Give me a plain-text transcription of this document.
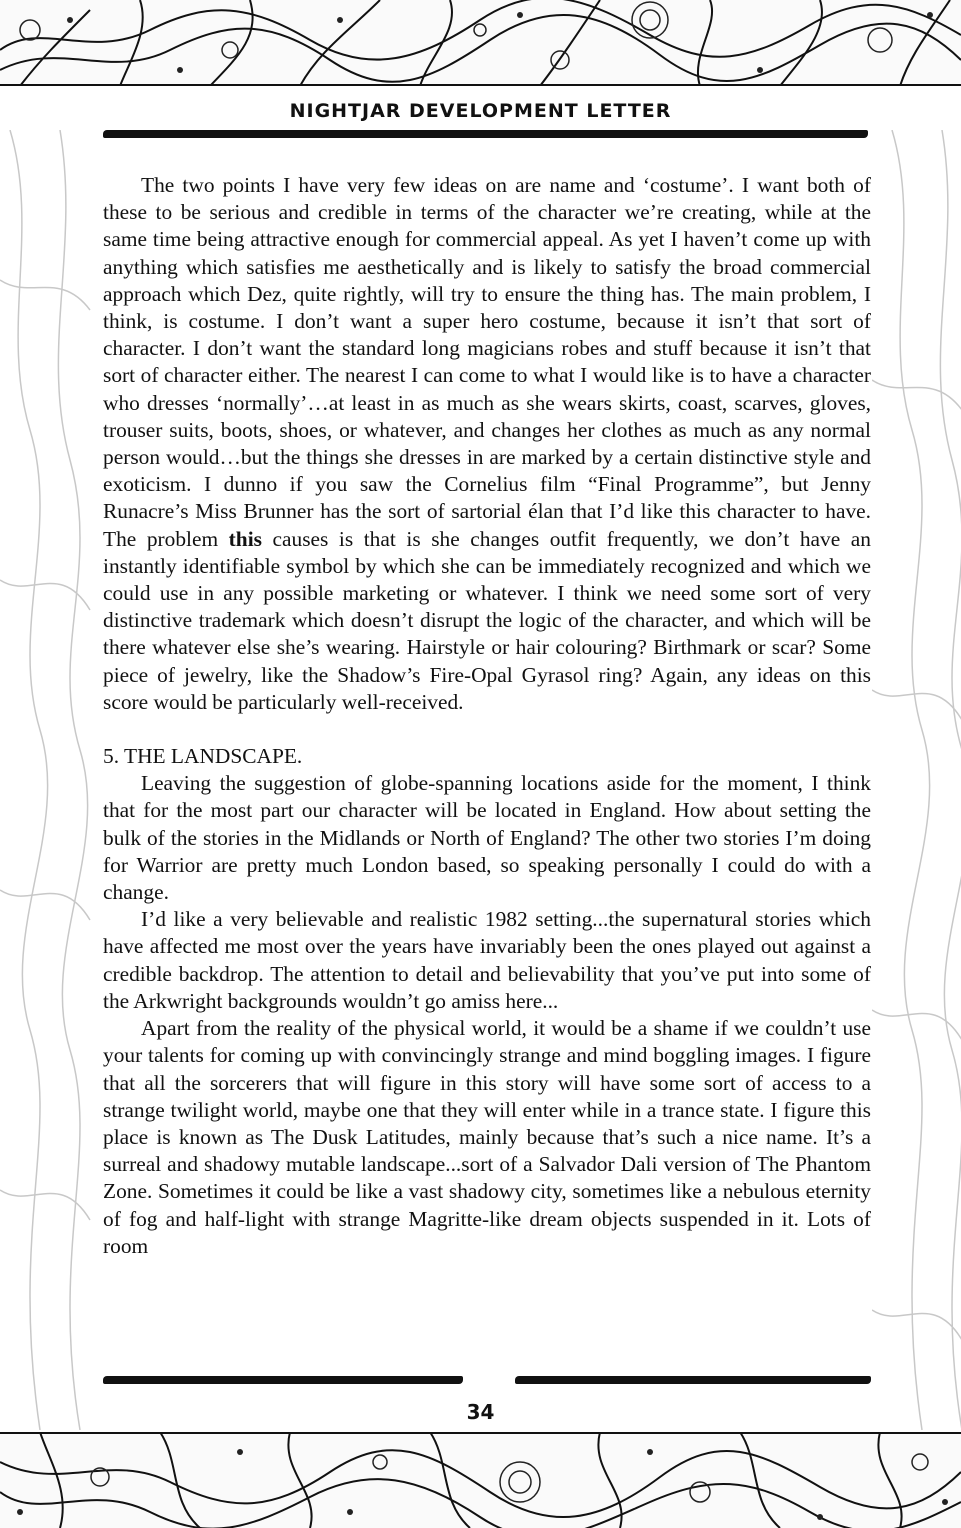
NIGHTJAR DEVELOPMENT LETTER

The two points I have very few ideas on are name and ‘costume’. I want both of these to be serious and credible in terms of the character we’re creating, while at the same time being attractive enough for commercial appeal. As yet I haven’t come up with anything which satisfies me aesthetically and is likely to satisfy the broad commercial approach which Dez, quite rightly, will try to ensure the thing has. The main problem, I think, is costume. I don’t want a super hero costume, because it isn’t that sort of character. I don’t want the standard long magicians robes and stuff because it isn’t that sort of character either. The nearest I can come to what I would like is to have a character who dresses ‘normally’…at least in as much as she wears skirts, coast, scarves, gloves, trouser suits, boots, shoes, or whatever, and changes her clothes as much as any normal person would…but the things she dresses in are marked by a certain distinctive style and exoticism. I dunno if you saw the Cornelius film “Final Programme”, but Jenny Runacre’s Miss Brunner has the sort of sartorial élan that I’d like this character to have. The problem this causes is that is she changes outfit frequently, we don’t have an instantly identifiable symbol by which she can be immediately recognized and which we could use in any possible marketing or whatever. I think we need some sort of very distinctive trademark which doesn’t disrupt the logic of the character, and which will be there whatever else she’s wearing. Hairstyle or hair colouring? Birthmark or scar? Some piece of jewelry, like the Shadow’s Fire-Opal Gyrasol ring? Again, any ideas on this score would be particularly well-received.

5. THE LANDSCAPE.

Leaving the suggestion of globe-spanning locations aside for the moment, I think that for the most part our character will be located in England. How about setting the bulk of the stories in the Midlands or North of England? The other two stories I’m doing for Warrior are pretty much London based, so speaking personally I could do with a change.

I’d like a very believable and realistic 1982 setting...the supernatural stories which have affected me most over the years have invariably been the ones played out against a credible backdrop. The attention to detail and believability that you’ve put into some of the Arkwright backgrounds wouldn’t go amiss here...

Apart from the reality of the physical world, it would be a shame if we couldn’t use your talents for coming up with convincingly strange and mind boggling images. I figure that all the sorcerers that will figure in this story will have some sort of access to a strange twilight world, maybe one that they will enter while in a trance state. I figure this place is known as The Dusk Latitudes, mainly because that’s such a nice name. It’s a surreal and shadowy mutable landscape...sort of a Salvador Dali version of The Phantom Zone. Sometimes it could be like a vast shadowy city, sometimes like a nebulous eternity of fog and half-light with strange Magritte-like dream objects suspended in it. Lots of room

34
